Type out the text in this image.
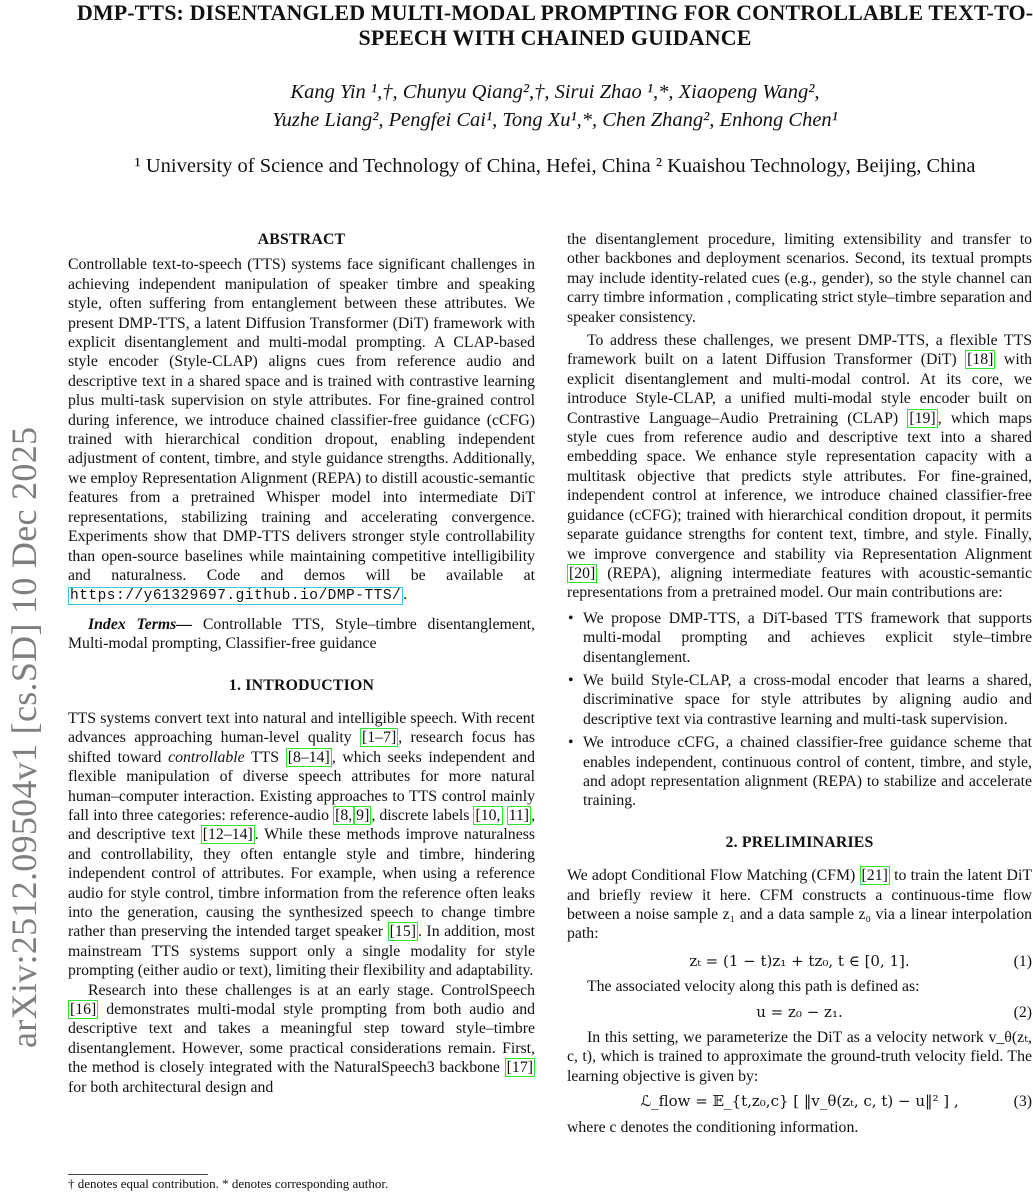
DMP-TTS: DISENTANGLED MULTI-MODAL PROMPTING FOR CONTROLLABLE TEXT-TO-SPEECH WITH CHAINED GUIDANCE
Kang Yin ¹,†, Chunyu Qiang²,†, Sirui Zhao ¹,*, Xiaopeng Wang²,
Yuzhe Liang², Pengfei Cai¹, Tong Xu¹,*, Chen Zhang², Enhong Chen¹
¹ University of Science and Technology of China, Hefei, China ² Kuaishou Technology, Beijing, China
arXiv:2512.09504v1 [cs.SD] 10 Dec 2025
ABSTRACT

Controllable text-to-speech (TTS) systems face significant challenges in achieving independent manipulation of speaker timbre and speaking style, often suffering from entanglement between these attributes. We present DMP-TTS, a latent Diffusion Transformer (DiT) framework with explicit disentanglement and multi-modal prompting. A CLAP-based style encoder (Style-CLAP) aligns cues from reference audio and descriptive text in a shared space and is trained with contrastive learning plus multi-task supervision on style attributes. For fine-grained control during inference, we introduce chained classifier-free guidance (cCFG) trained with hierarchical condition dropout, enabling independent adjustment of content, timbre, and style guidance strengths. Additionally, we employ Representation Alignment (REPA) to distill acoustic-semantic features from a pretrained Whisper model into intermediate DiT representations, stabilizing training and accelerating convergence. Experiments show that DMP-TTS delivers stronger style controllability than open-source baselines while maintaining competitive intelligibility and naturalness. Code and demos will be available at https://y61329697.github.io/DMP-TTS/ .

Index Terms— Controllable TTS, Style–timbre disentanglement, Multi-modal prompting, Classifier-free guidance

1. INTRODUCTION

TTS systems convert text into natural and intelligible speech. With recent advances approaching human-level quality [1–7] , research focus has shifted toward controllable TTS [8–14] , which seeks independent and flexible manipulation of diverse speech attributes for more natural human–computer interaction. Existing approaches to TTS control mainly fall into three categories: reference-audio [8, 9] , discrete labels [10, 11] , and descriptive text [12–14] . While these methods improve naturalness and controllability, they often entangle style and timbre, hindering independent control of attributes. For example, when using a reference audio for style control, timbre information from the reference often leaks into the generation, causing the synthesized speech to change timbre rather than preserving the intended target speaker [15] . In addition, most mainstream TTS systems support only a single modality for style prompting (either audio or text), limiting their flexibility and adaptability.

Research into these challenges is at an early stage. ControlSpeech [16] demonstrates multi-modal style prompting from both audio and descriptive text and takes a meaningful step toward style–timbre disentanglement. However, some practical considerations remain. First, the method is closely integrated with the NaturalSpeech3 backbone [17] for both architectural design and

the disentanglement procedure, limiting extensibility and transfer to other backbones and deployment scenarios. Second, its textual prompts may include identity-related cues (e.g., gender), so the style channel can carry timbre information , complicating strict style–timbre separation and speaker consistency.

To address these challenges, we present DMP-TTS, a flexible TTS framework built on a latent Diffusion Transformer (DiT) [18] with explicit disentanglement and multi-modal control. At its core, we introduce Style-CLAP, a unified multi-modal style encoder built on Contrastive Language–Audio Pretraining (CLAP) [19] , which maps style cues from reference audio and descriptive text into a shared embedding space. We enhance style representation capacity with a multitask objective that predicts style attributes. For fine-grained, independent control at inference, we introduce chained classifier-free guidance (cCFG); trained with hierarchical condition dropout, it permits separate guidance strengths for content text, timbre, and style. Finally, we improve convergence and stability via Representation Alignment [20] (REPA), aligning intermediate features with acoustic-semantic representations from a pretrained model. Our main contributions are:

• We propose DMP-TTS, a DiT-based TTS framework that supports multi-modal prompting and achieves explicit style–timbre disentanglement.
• We build Style-CLAP, a cross-modal encoder that learns a shared, discriminative space for style attributes by aligning audio and descriptive text via contrastive learning and multi-task supervision.
• We introduce cCFG, a chained classifier-free guidance scheme that enables independent, continuous control of content, timbre, and style, and adopt representation alignment (REPA) to stabilize and accelerate training.
2. PRELIMINARIES

We adopt Conditional Flow Matching (CFM) [21] to train the latent DiT and briefly review it here. CFM constructs a continuous-time flow between a noise sample z₁ and a data sample z₀ via a linear interpolation path:

zₜ = (1 − t)z₁ + tz₀, t ∈ [0, 1].	(1)

The associated velocity along this path is defined as:

u = z₀ − z₁.	(2)

In this setting, we parameterize the DiT as a velocity network v_θ(zₜ, c, t), which is trained to approximate the ground-truth velocity field. The learning objective is given by:

ℒ_flow = 𝔼_{t,z₀,c} [ ‖v_θ(zₜ, c, t) − u‖² ] ,	(3)

where c denotes the conditioning information.

† denotes equal contribution. * denotes corresponding author.
